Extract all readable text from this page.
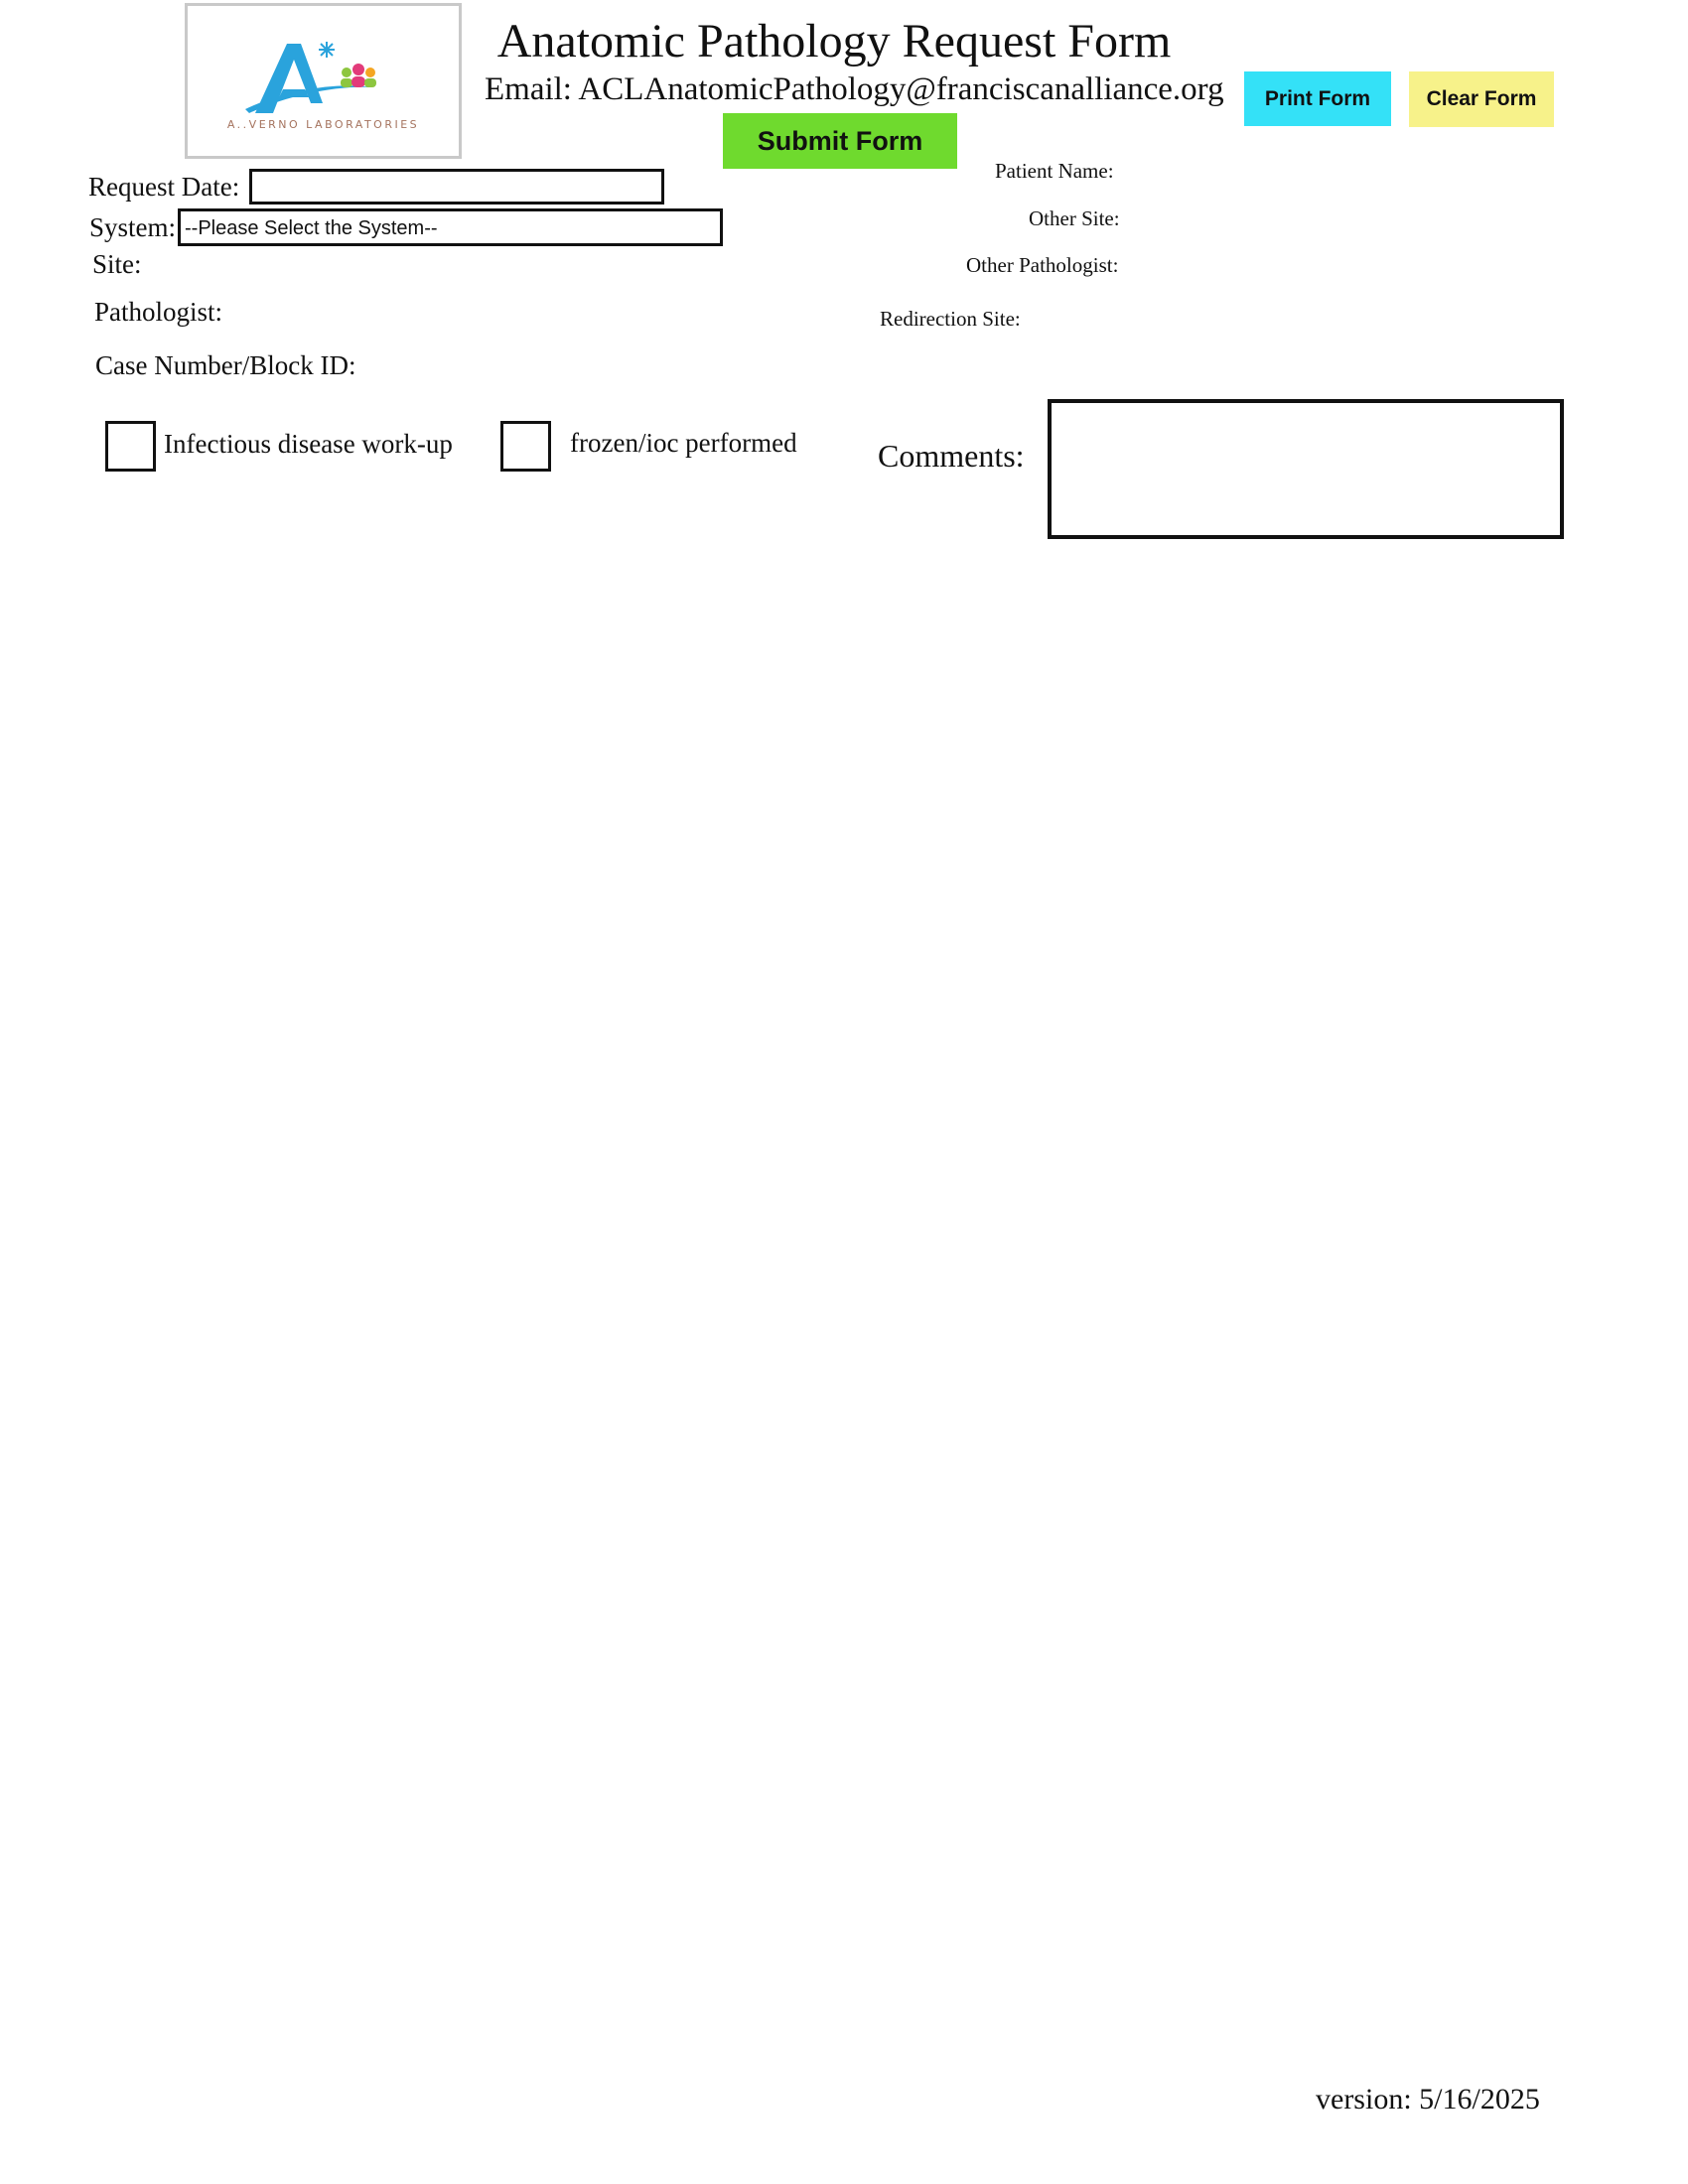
A..VERNO LABORATORIES
Anatomic Pathology Request Form
Email: ACLAnatomicPathology@franciscanalliance.org
Submit Form
Print Form	Clear Form
Request Date:
System: --Please Select the System--
Site:
Pathologist:
Case Number/Block ID:
Patient Name:
Other Site:
Other Pathologist:
Redirection Site:
Infectious disease work-up	frozen/ioc performed	Comments:
version: 5/16/2025
